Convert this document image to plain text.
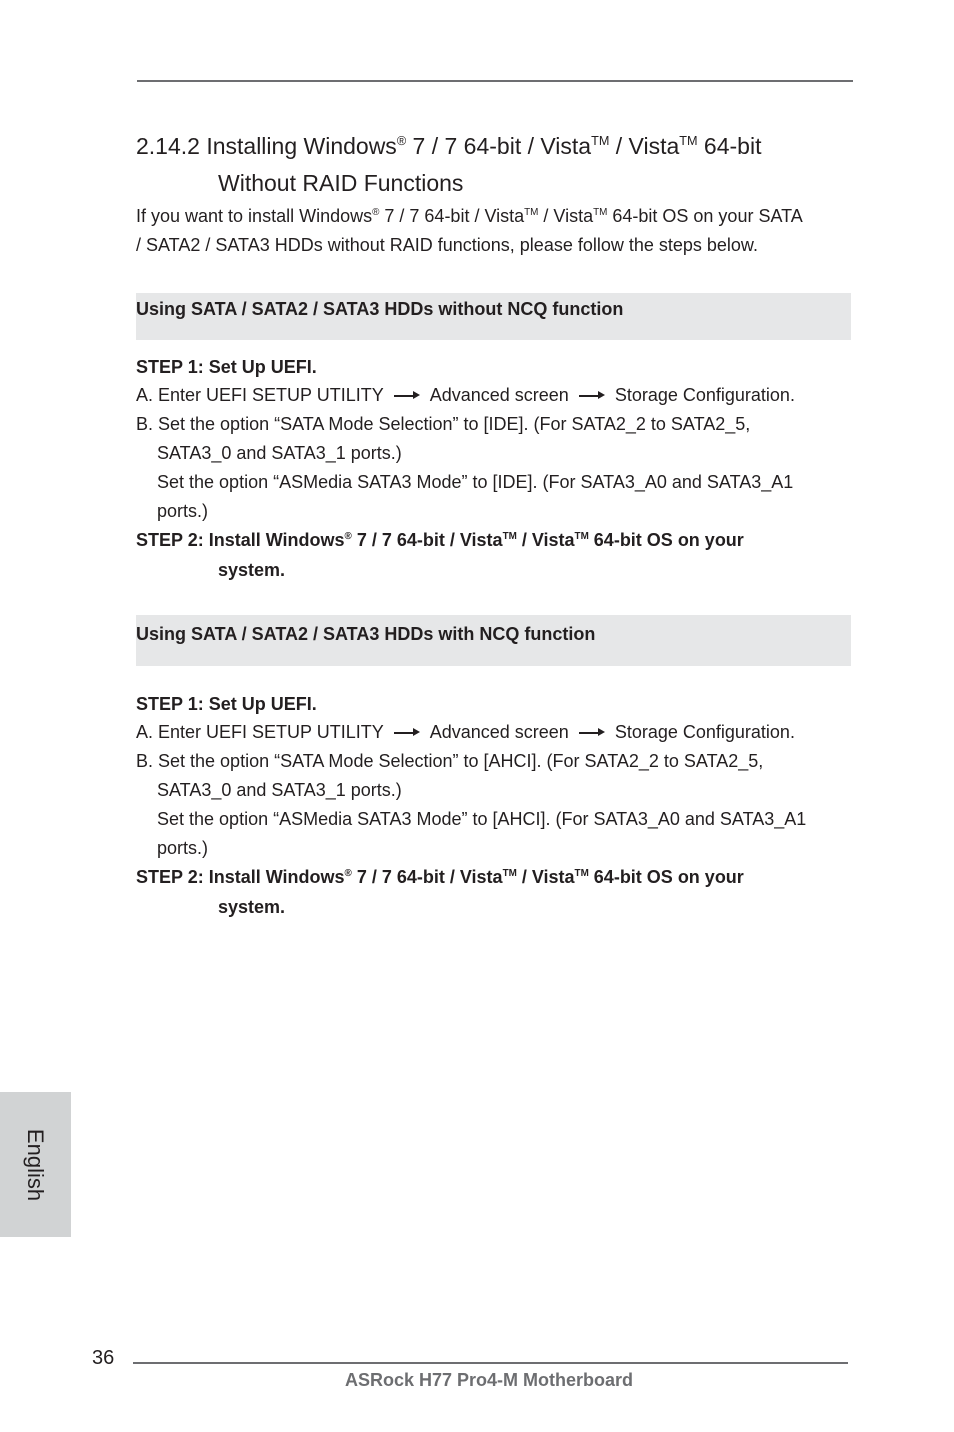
2.14.2 Installing Windows® 7 / 7 64-bit / Vista™ / Vista™ 64-bit
Without RAID Functions
If you want to install Windows® 7 / 7 64-bit / Vista™ / Vista™ 64-bit OS on your SATA
/ SATA2 / SATA3 HDDs without RAID functions, please follow the steps below.
Using SATA / SATA2 / SATA3 HDDs without NCQ function
STEP 1: Set Up UEFI.
A. Enter UEFI SETUP UTILITY	Advanced screen	Storage Configuration.
B. Set the option “SATA Mode Selection” to [IDE]. (For SATA2_2 to SATA2_5,
SATA3_0 and SATA3_1 ports.)
Set the option “ASMedia SATA3 Mode” to [IDE]. (For SATA3_A0 and SATA3_A1
ports.)
STEP 2: Install Windows® 7 / 7 64-bit / Vista™ / Vista™ 64-bit OS on your
system.
Using SATA / SATA2 / SATA3 HDDs with NCQ function
STEP 1: Set Up UEFI.
A. Enter UEFI SETUP UTILITY	Advanced screen	Storage Configuration.
B. Set the option “SATA Mode Selection” to [AHCI]. (For SATA2_2 to SATA2_5,
SATA3_0 and SATA3_1 ports.)
Set the option “ASMedia SATA3 Mode” to [AHCI]. (For SATA3_A0 and SATA3_A1
ports.)
STEP 2: Install Windows® 7 / 7 64-bit / Vista™ / Vista™ 64-bit OS on your
system.
English
36
ASRock H77 Pro4-M Motherboard
